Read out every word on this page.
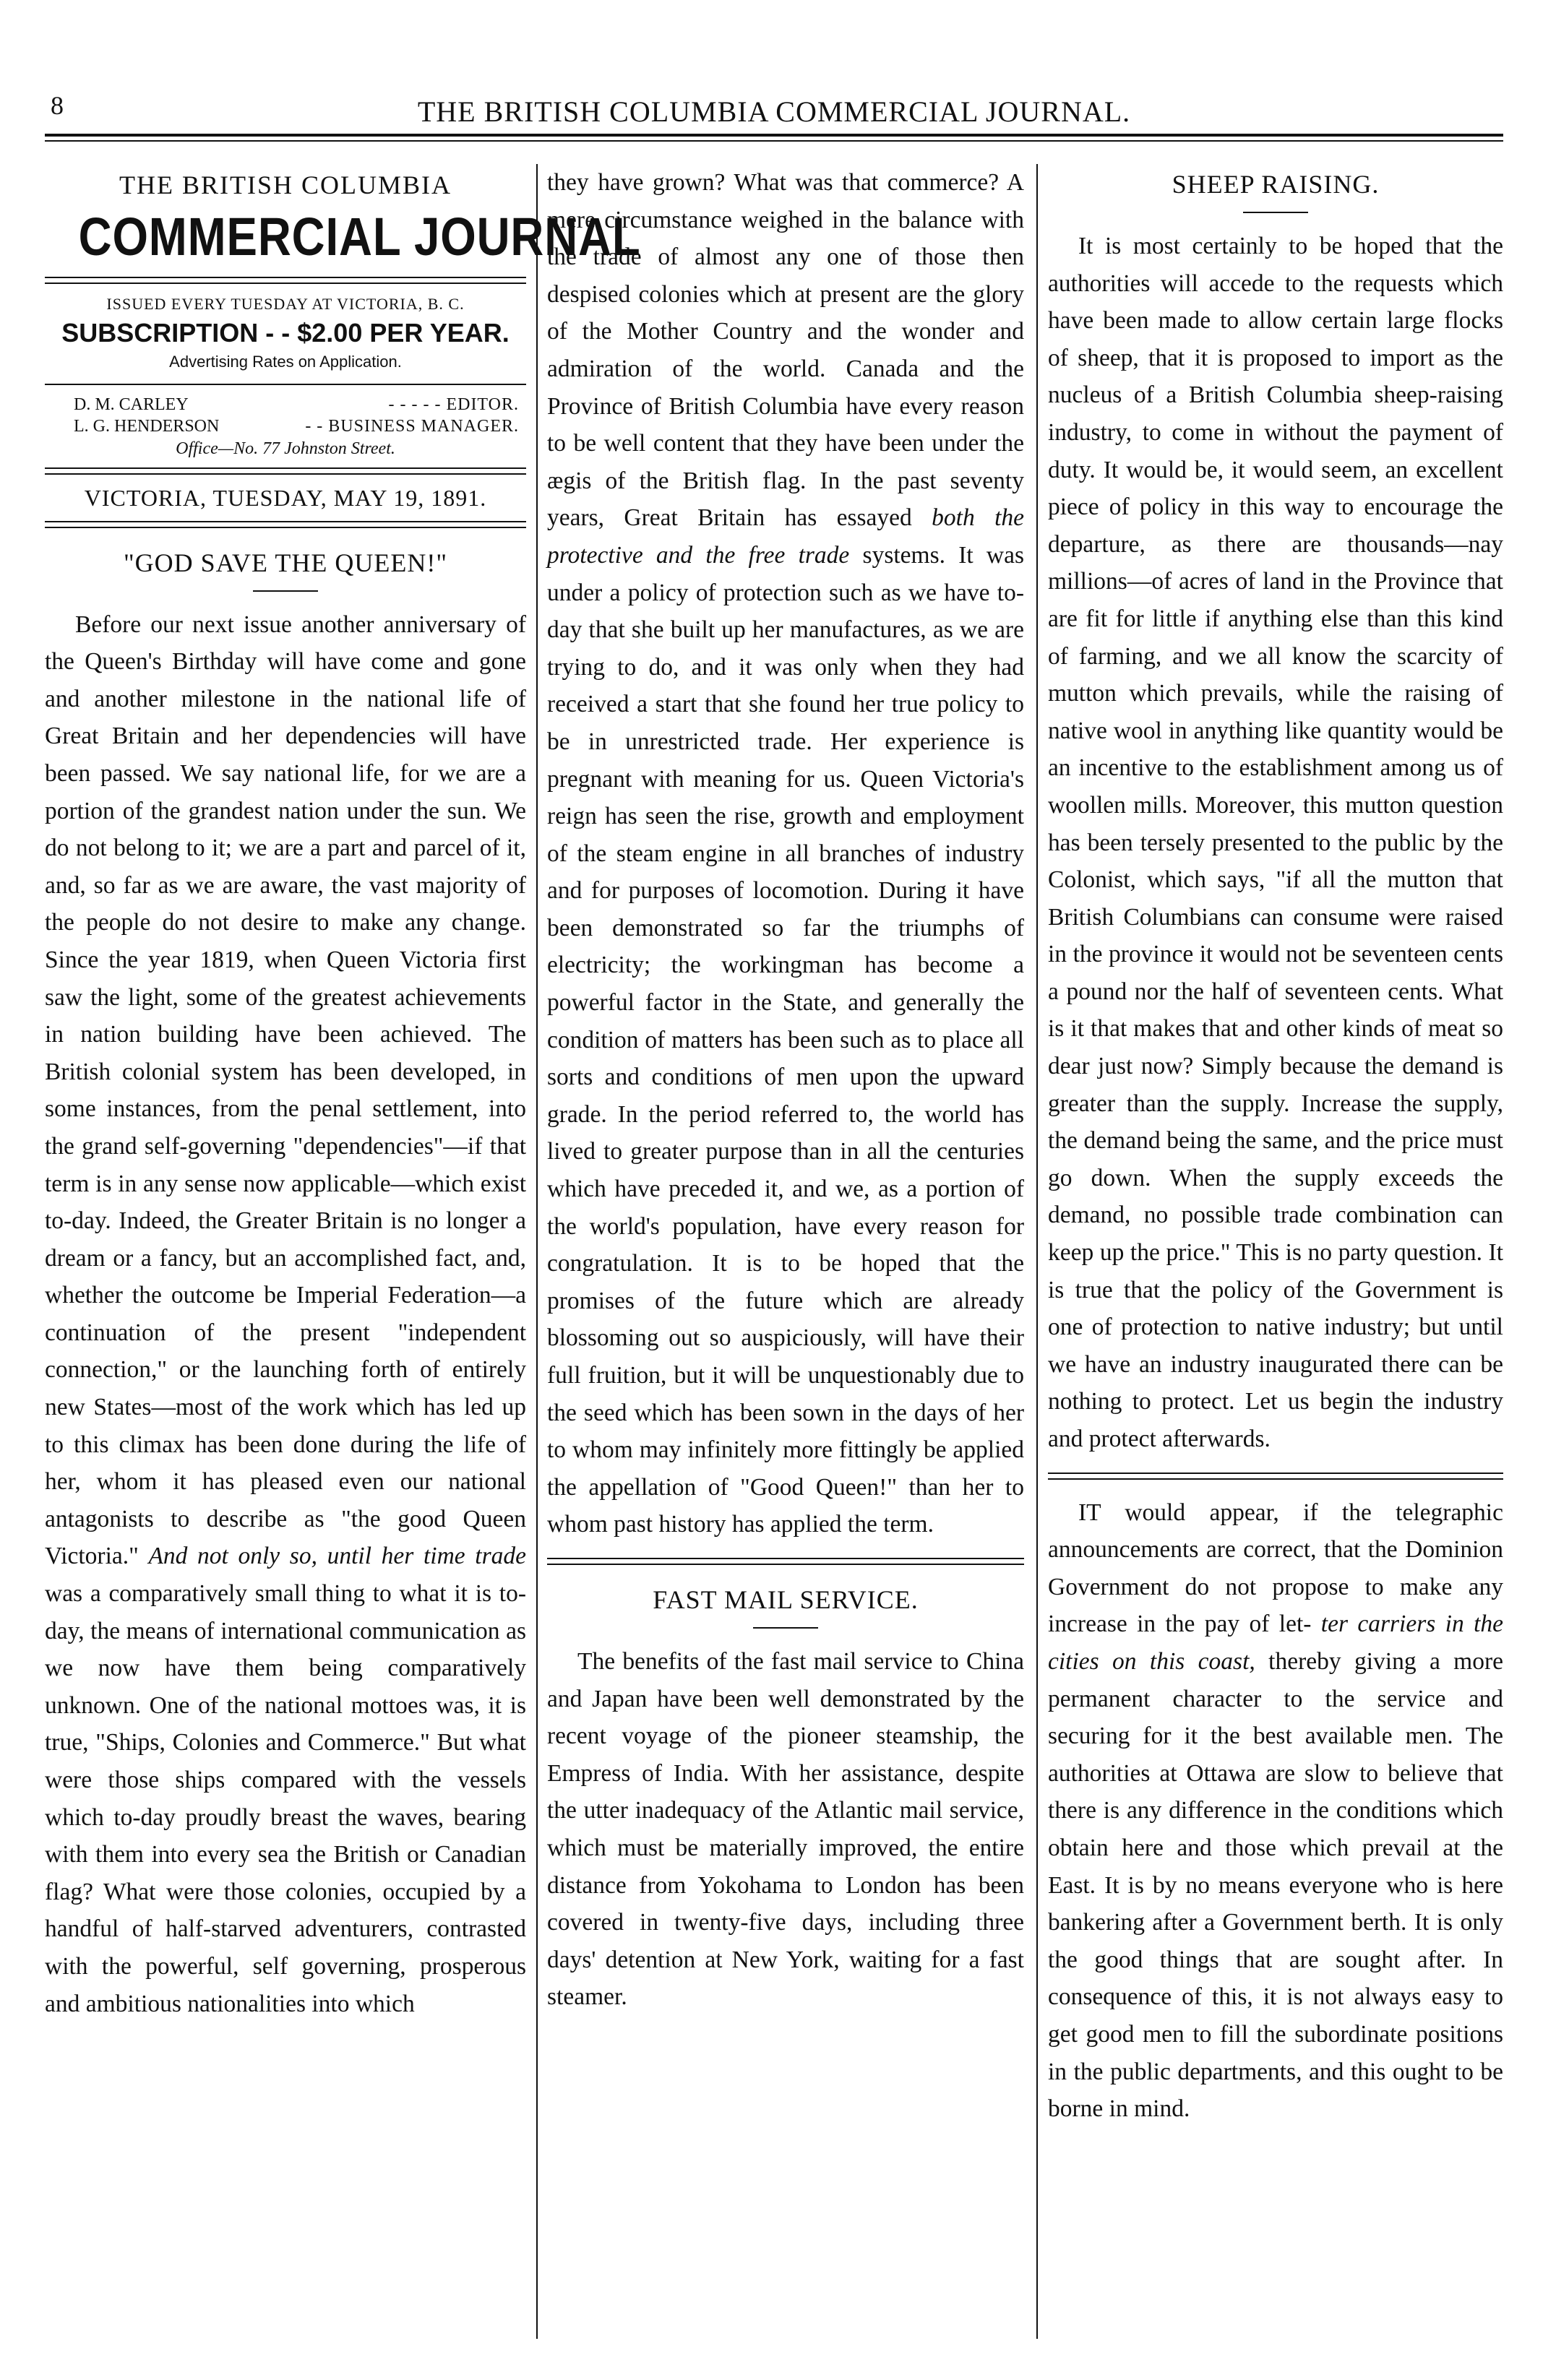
8	THE BRITISH COLUMBIA COMMERCIAL JOURNAL.
THE BRITISH COLUMBIA
COMMERCIAL JOURNAL
ISSUED EVERY TUESDAY AT VICTORIA, B. C.
SUBSCRIPTION - - $2.00 PER YEAR.
Advertising Rates on Application.
D. M. CARLEY	- - - - - EDITOR.
L. G. HENDERSON	- - BUSINESS MANAGER.
Office—No. 77 Johnston Street.
VICTORIA, TUESDAY, MAY 19, 1891.
"GOD SAVE THE QUEEN!"

Before our next issue another anniversary of the Queen's Birthday will have come and gone and another milestone in the national life of Great Britain and her dependencies will have been passed. We say national life, for we are a portion of the grandest nation under the sun. We do not belong to it; we are a part and parcel of it, and, so far as we are aware, the vast majority of the people do not desire to make any change. Since the year 1819, when Queen Victoria first saw the light, some of the greatest achievements in nation building have been achieved. The British colonial system has been developed, in some instances, from the penal settlement, into the grand self-governing "dependencies"—if that term is in any sense now applicable—which exist to-day. Indeed, the Greater Britain is no longer a dream or a fancy, but an accomplished fact, and, whether the outcome be Imperial Federation—a continuation of the present "independent connection," or the launching forth of entirely new States—most of the work which has led up to this climax has been done during the life of her, whom it has pleased even our national antagonists to describe as "the good Queen Victoria." And not only so, until her time trade was a comparatively small thing to what it is to-day, the means of international communication as we now have them being comparatively unknown. One of the national mottoes was, it is true, "Ships, Colonies and Commerce." But what were those ships compared with the vessels which to-day proudly breast the waves, bearing with them into every sea the British or Canadian flag? What were those colonies, occupied by a handful of half-starved adventurers, contrasted with the powerful, self governing, prosperous and ambitious nationalities into which

they have grown? What was that commerce? A mere circumstance weighed in the balance with the trade of almost any one of those then despised colonies which at present are the glory of the Mother Country and the wonder and admiration of the world. Canada and the Province of British Columbia have every reason to be well content that they have been under the ægis of the British flag. In the past seventy years, Great Britain has essayed both the protective and the free trade systems. It was under a policy of protection such as we have to-day that she built up her manufactures, as we are trying to do, and it was only when they had received a start that she found her true policy to be in unrestricted trade. Her experience is pregnant with meaning for us. Queen Victoria's reign has seen the rise, growth and employment of the steam engine in all branches of industry and for purposes of locomotion. During it have been demonstrated so far the triumphs of electricity; the workingman has become a powerful factor in the State, and generally the condition of matters has been such as to place all sorts and conditions of men upon the upward grade. In the period referred to, the world has lived to greater purpose than in all the centuries which have preceded it, and we, as a portion of the world's population, have every reason for congratulation. It is to be hoped that the promises of the future which are already blossoming out so auspiciously, will have their full fruition, but it will be unquestionably due to the seed which has been sown in the days of her to whom may infinitely more fittingly be applied the appellation of "Good Queen!" than her to whom past history has applied the term.

FAST MAIL SERVICE.

The benefits of the fast mail service to China and Japan have been well demonstrated by the recent voyage of the pioneer steamship, the Empress of India. With her assistance, despite the utter inadequacy of the Atlantic mail service, which must be materially improved, the entire distance from Yokohama to London has been covered in twenty-five days, including three days' detention at New York, waiting for a fast steamer.

SHEEP RAISING.

It is most certainly to be hoped that the authorities will accede to the requests which have been made to allow certain large flocks of sheep, that it is proposed to import as the nucleus of a British Columbia sheep-raising industry, to come in without the payment of duty. It would be, it would seem, an excellent piece of policy in this way to encourage the departure, as there are thousands—nay millions—of acres of land in the Province that are fit for little if anything else than this kind of farming, and we all know the scarcity of mutton which prevails, while the raising of native wool in anything like quantity would be an incentive to the establishment among us of woollen mills. Moreover, this mutton question has been tersely presented to the public by the Colonist, which says, "if all the mutton that British Columbians can consume were raised in the province it would not be seventeen cents a pound nor the half of seventeen cents. What is it that makes that and other kinds of meat so dear just now? Simply because the demand is greater than the supply. Increase the supply, the demand being the same, and the price must go down. When the supply exceeds the demand, no possible trade combination can keep up the price." This is no party question. It is true that the policy of the Government is one of protection to native industry; but until we have an industry inaugurated there can be nothing to protect. Let us begin the industry and protect afterwards.

IT would appear, if the telegraphic announcements are correct, that the Dominion Government do not propose to make any increase in the pay of let- ter carriers in the cities on this coast, thereby giving a more permanent character to the service and securing for it the best available men. The authorities at Ottawa are slow to believe that there is any difference in the conditions which obtain here and those which prevail at the East. It is by no means everyone who is here bankering after a Government berth. It is only the good things that are sought after. In consequence of this, it is not always easy to get good men to fill the subordinate positions in the public departments, and this ought to be borne in mind.
